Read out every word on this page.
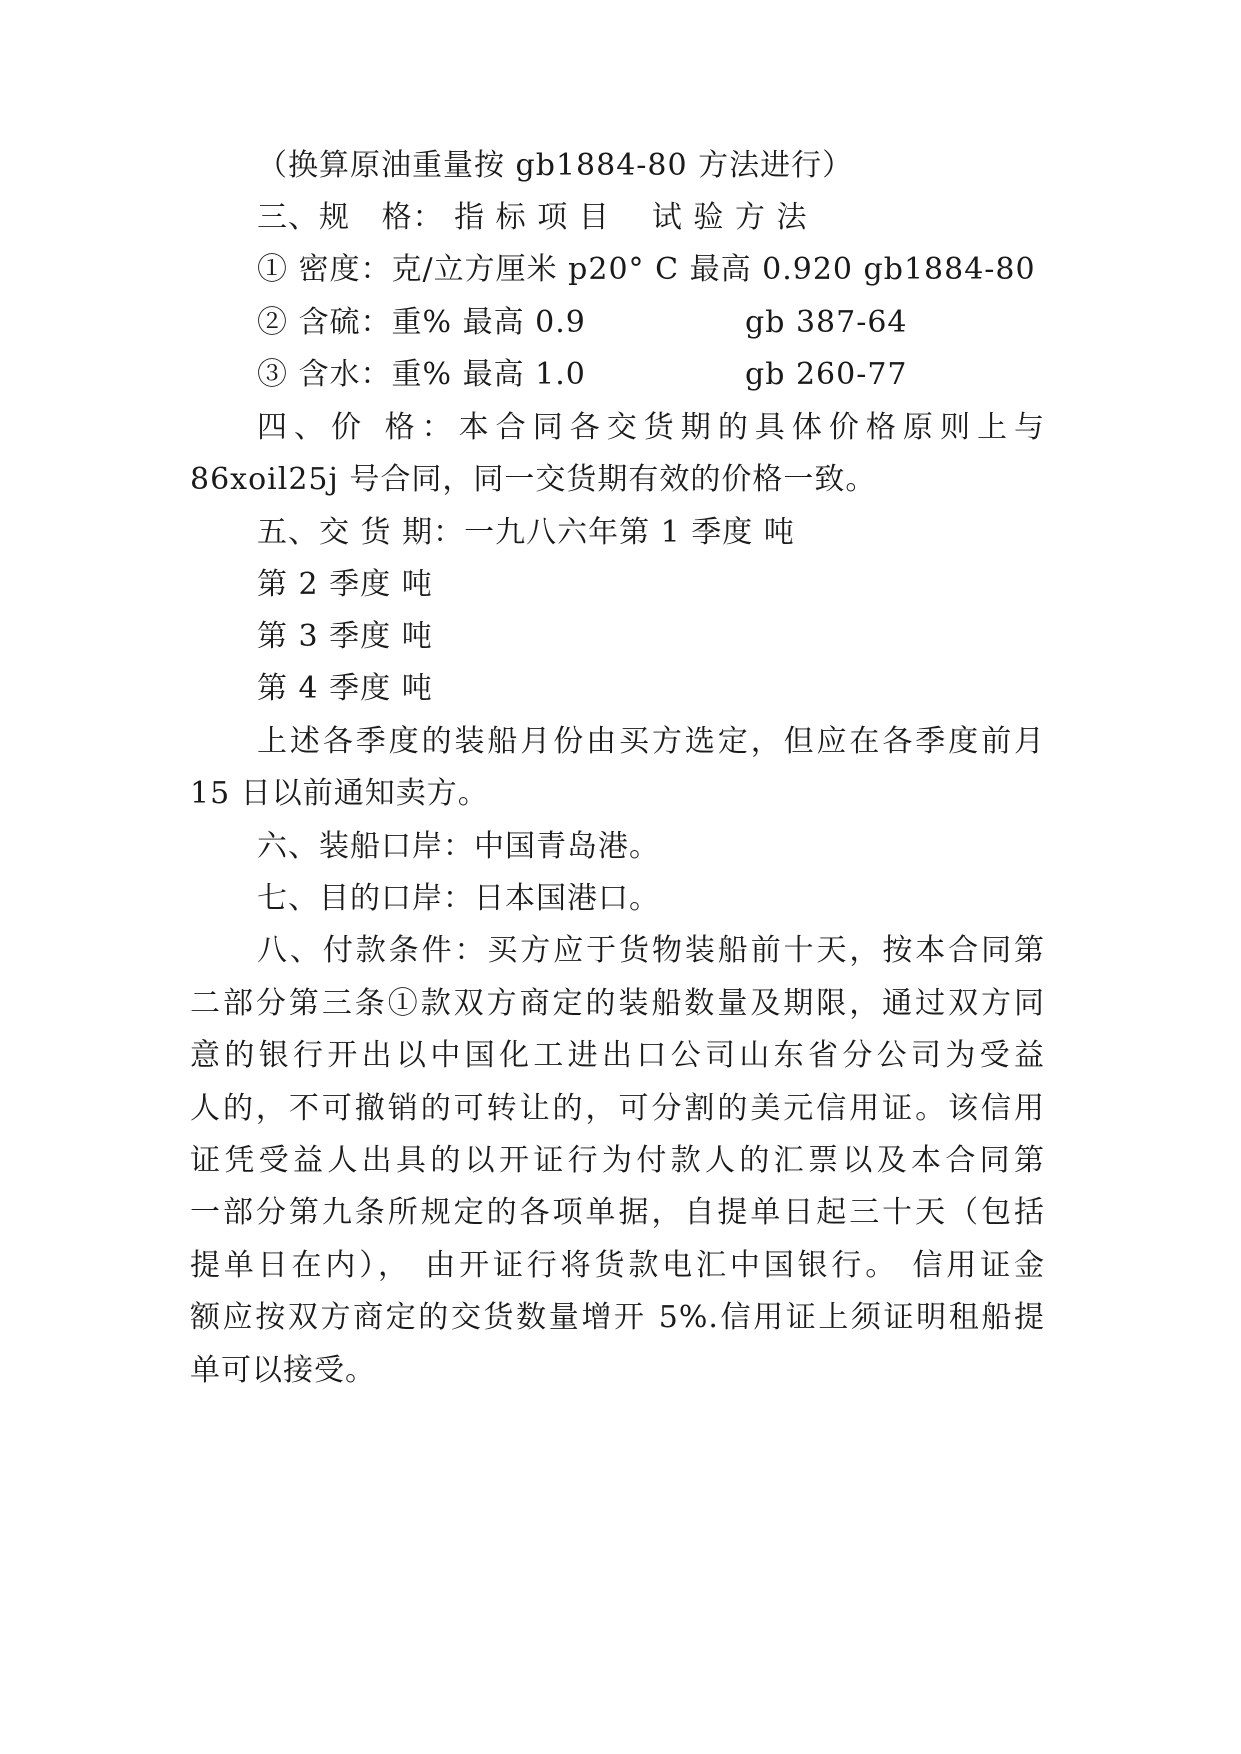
（换算原油重量按 gb1884-80 方法进行）
三、规   格： 指 标 项 目    试 验 方 法
① 密度：克/立方厘米 p20° C 最高 0.920 gb1884-80
② 含硫：重% 最高 0.9	gb 387-64
③ 含水：重% 最高 1.0	gb 260-77
四、价 格：本合同各交货期的具体价格原则上与
86xoil25j 号合同，同一交货期有效的价格一致。
五、交 货 期：一九八六年第 1 季度 吨
第 2 季度 吨
第 3 季度 吨
第 4 季度 吨
上述各季度的装船月份由买方选定，但应在各季度前月
15 日以前通知卖方。
六、装船口岸：中国青岛港。
七、目的口岸：日本国港口。
八、付款条件：买方应于货物装船前十天，按本合同第
二部分第三条①款双方商定的装船数量及期限，通过双方同
意的银行开出以中国化工进出口公司山东省分公司为受益
人的，不可撤销的可转让的，可分割的美元信用证。该信用
证凭受益人出具的以开证行为付款人的汇票以及本合同第
一部分第九条所规定的各项单据，自提单日起三十天（包括
提单日在内）， 由开证行将货款电汇中国银行。 信用证金
额应按双方商定的交货数量增开 5%.信用证上须证明租船提
单可以接受。
